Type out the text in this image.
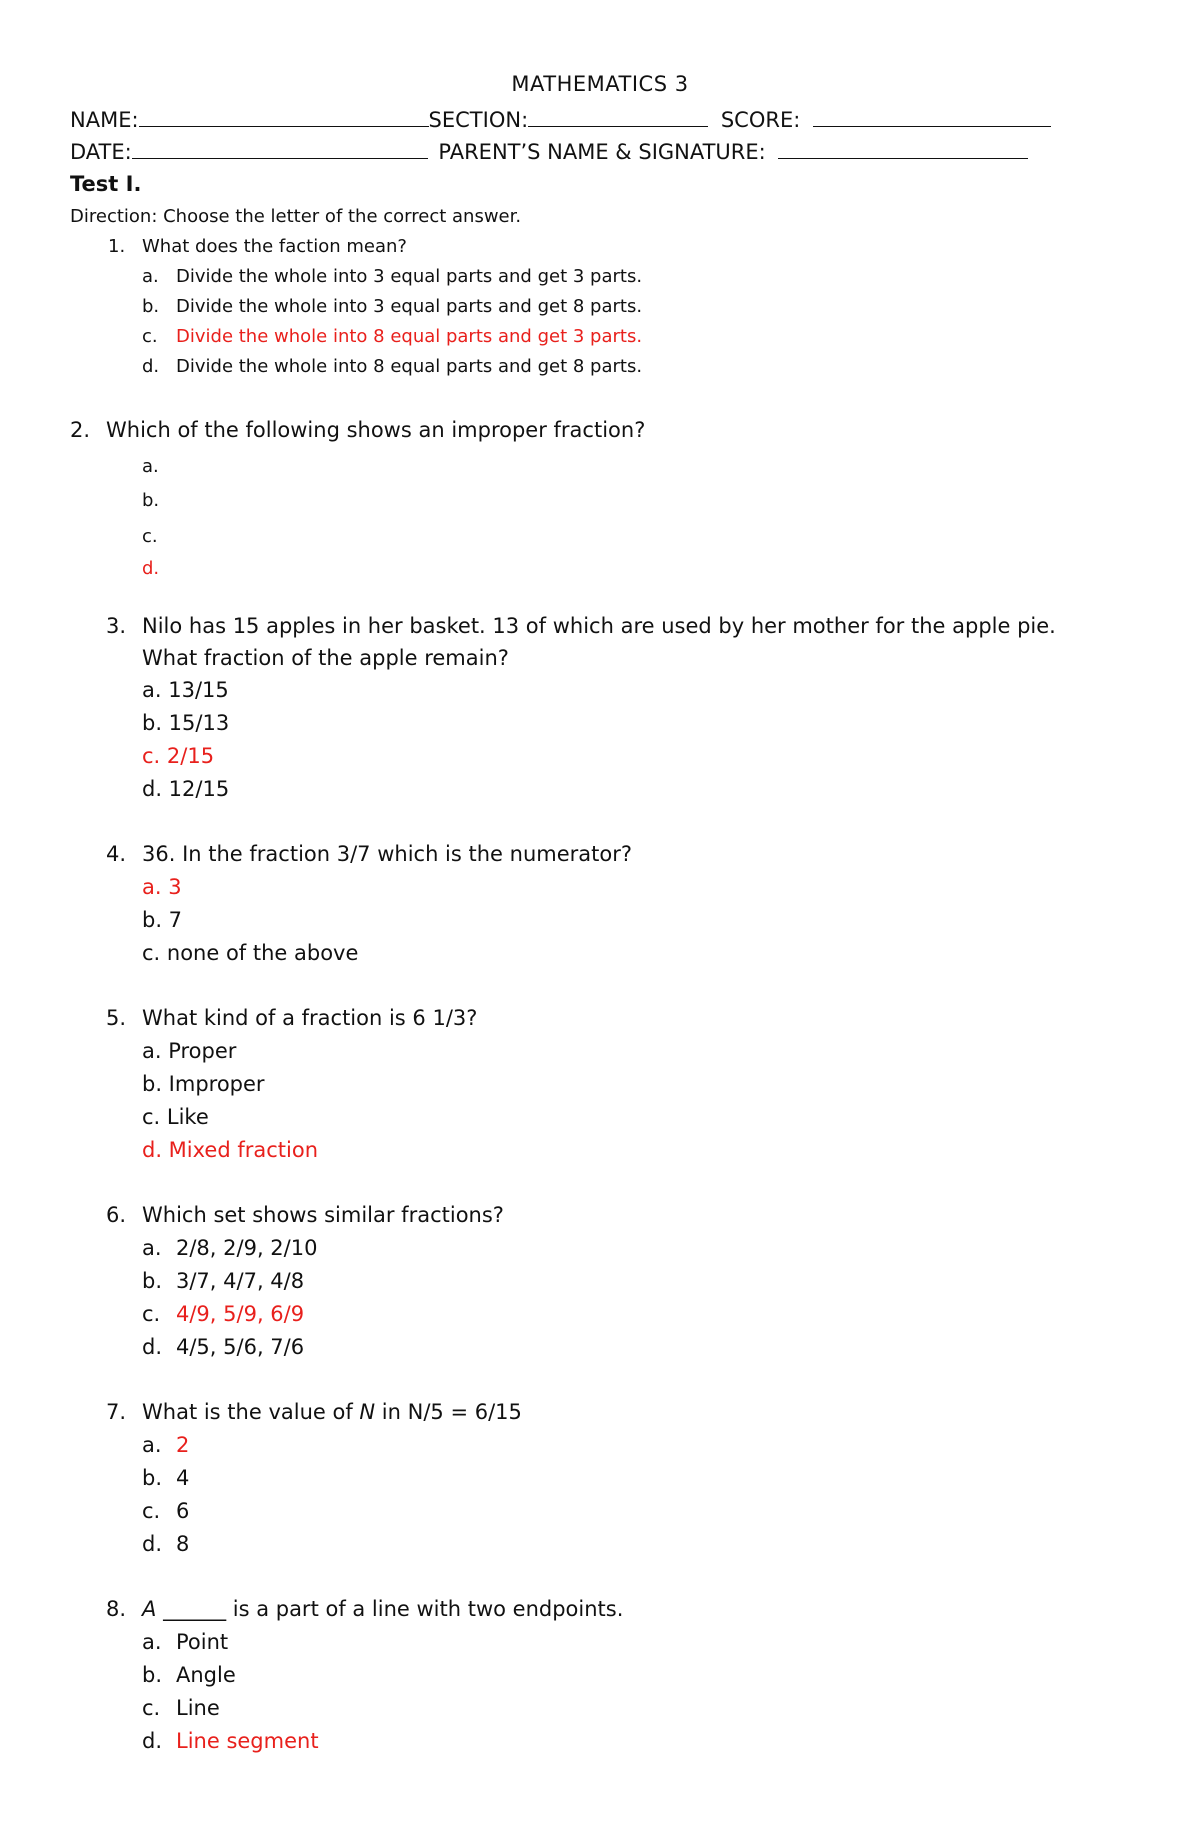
MATHEMATICS 3
NAME:	SECTION:	SCORE:
DATE:	PARENT’S NAME & SIGNATURE:
Test I.
Direction: Choose the letter of the correct answer.
1. What does the faction mean?
a. Divide the whole into 3 equal parts and get 3 parts.
b. Divide the whole into 3 equal parts and get 8 parts.
c. Divide the whole into 8 equal parts and get 3 parts.
d. Divide the whole into 8 equal parts and get 8 parts.
2. Which of the following shows an improper fraction?
a.
b.
c.
d.
3. Nilo has 15 apples in her basket. 13 of which are used by her mother for the apple pie.
What fraction of the apple remain?
a. 13/15
b. 15/13
c. 2/15
d. 12/15
4. 36. In the fraction 3/7 which is the numerator?
a. 3
b. 7
c. none of the above
5. What kind of a fraction is 6 1/3?
a. Proper
b. Improper
c. Like
d. Mixed fraction
6. Which set shows similar fractions?
a. 2/8, 2/9, 2/10
b. 3/7, 4/7, 4/8
c. 4/9, 5/9, 6/9
d. 4/5, 5/6, 7/6
7. What is the value of N in N/5 = 6/15
a. 2
b. 4
c. 6
d. 8
8. A ______ is a part of a line with two endpoints.
a. Point
b. Angle
c. Line
d. Line segment
